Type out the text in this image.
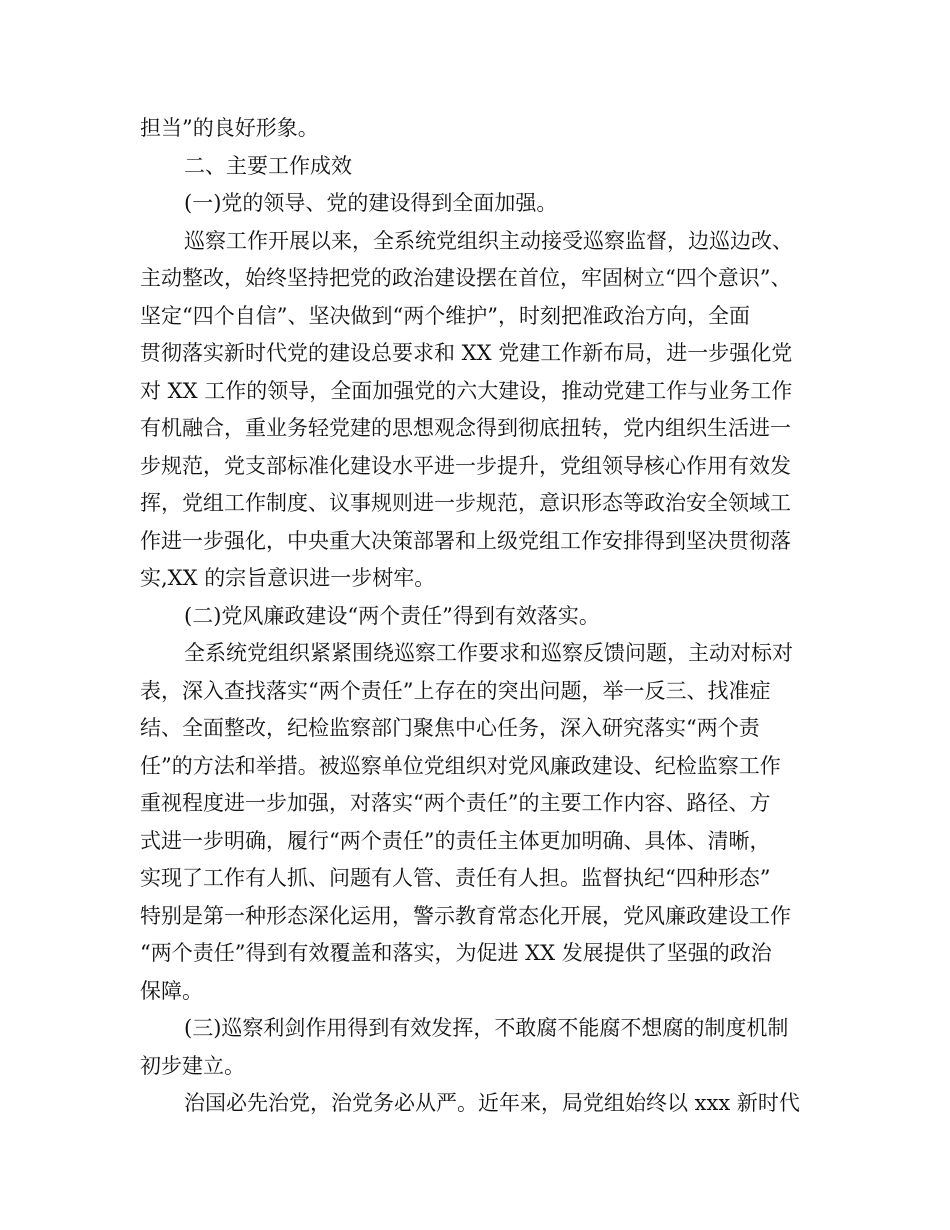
担当”的良好形象。
二、主要工作成效
(一)党的领导、党的建设得到全面加强。
巡察工作开展以来，全系统党组织主动接受巡察监督，边巡边改、
主动整改，始终坚持把党的政治建设摆在首位，牢固树立“四个意识”、
坚定“四个自信”、坚决做到“两个维护”，时刻把准政治方向，全面
贯彻落实新时代党的建设总要求和 XX 党建工作新布局，进一步强化党
对 XX 工作的领导，全面加强党的六大建设，推动党建工作与业务工作
有机融合，重业务轻党建的思想观念得到彻底扭转，党内组织生活进一
步规范，党支部标准化建设水平进一步提升，党组领导核心作用有效发
挥，党组工作制度、议事规则进一步规范，意识形态等政治安全领域工
作进一步强化，中央重大决策部署和上级党组工作安排得到坚决贯彻落
实,XX 的宗旨意识进一步树牢。
(二)党风廉政建设“两个责任”得到有效落实。
全系统党组织紧紧围绕巡察工作要求和巡察反馈问题，主动对标对
表，深入查找落实“两个责任”上存在的突出问题，举一反三、找准症
结、全面整改，纪检监察部门聚焦中心任务，深入研究落实“两个责
任”的方法和举措。被巡察单位党组织对党风廉政建设、纪检监察工作
重视程度进一步加强，对落实“两个责任”的主要工作内容、路径、方
式进一步明确，履行“两个责任”的责任主体更加明确、具体、清晰，
实现了工作有人抓、问题有人管、责任有人担。监督执纪“四种形态”
特别是第一种形态深化运用，警示教育常态化开展，党风廉政建设工作
“两个责任”得到有效覆盖和落实，为促进 XX 发展提供了坚强的政治
保障。
(三)巡察利剑作用得到有效发挥，不敢腐不能腐不想腐的制度机制
初步建立。
治国必先治党，治党务必从严。近年来，局党组始终以 xxx 新时代
